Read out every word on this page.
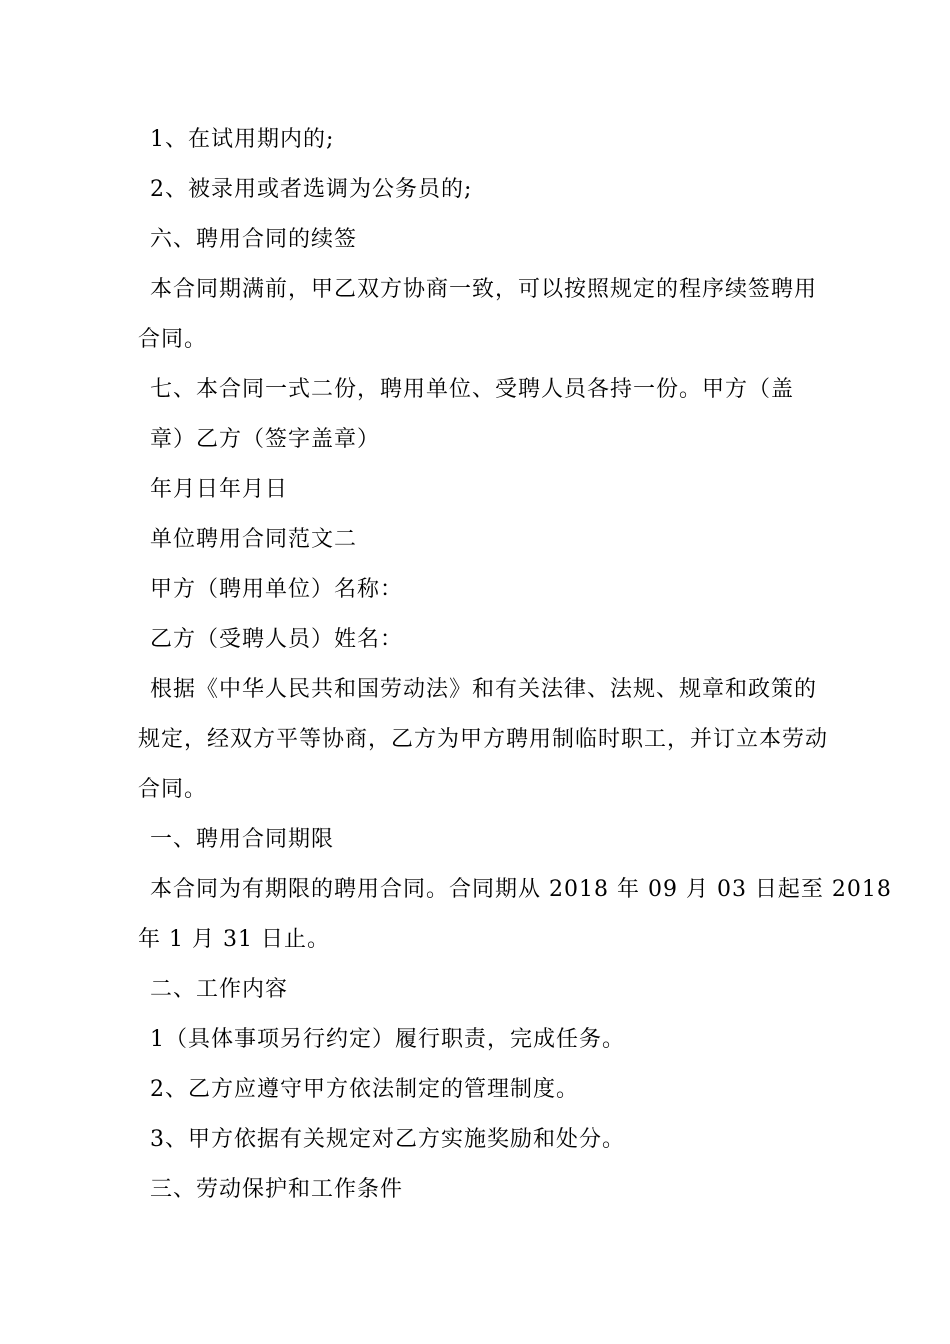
1、在试用期内的;
2、被录用或者选调为公务员的;
六、聘用合同的续签
本合同期满前，甲乙双方协商一致，可以按照规定的程序续签聘用
合同。
七、本合同一式二份，聘用单位、受聘人员各持一份。甲方（盖
章）乙方（签字盖章）
年月日年月日
单位聘用合同范文二
甲方（聘用单位）名称：
乙方（受聘人员）姓名：
根据《中华人民共和国劳动法》和有关法律、法规、规章和政策的
规定，经双方平等协商，乙方为甲方聘用制临时职工，并订立本劳动
合同。
一、聘用合同期限
本合同为有期限的聘用合同。合同期从 2018 年 09 月 03 日起至 2018
年 1 月 31 日止。
二、工作内容
1（具体事项另行约定）履行职责，完成任务。
2、乙方应遵守甲方依法制定的管理制度。
3、甲方依据有关规定对乙方实施奖励和处分。
三、劳动保护和工作条件
